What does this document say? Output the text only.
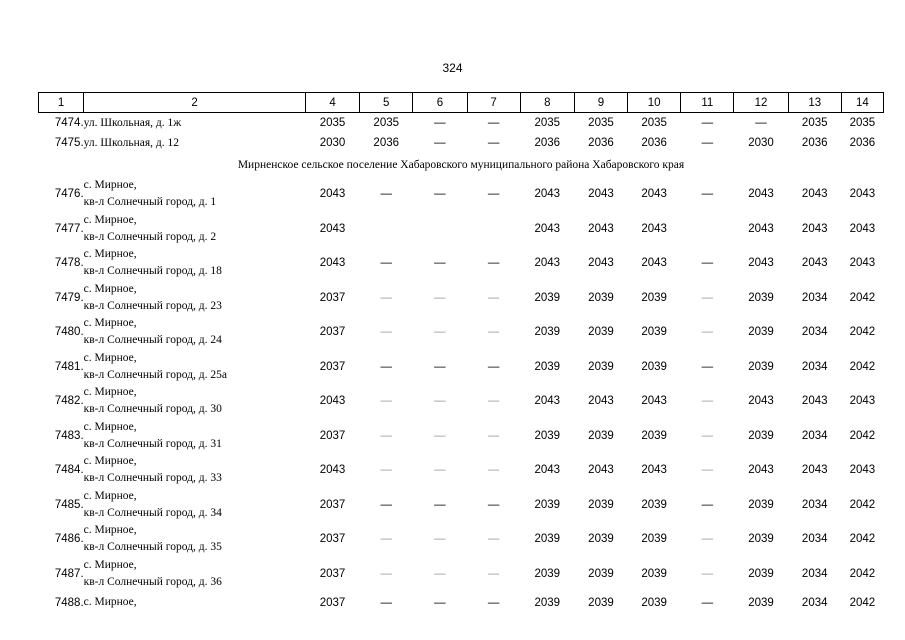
324
1	2	4	5	6	7	8	9	10	11	12	13	14
7474.	ул. Школьная, д. 1ж	2035	2035	—	—	2035	2035	2035	—	—	2035	2035
7475.	ул. Школьная, д. 12	2030	2036	—	—	2036	2036	2036	—	2030	2036	2036
Мирненское сельское поселение Хабаровского муниципального района Хабаровского края												
7476.	с. Мирное,
кв-л Солнечный город, д. 1	2043	—	—	—	2043	2043	2043	—	2043	2043	2043
7477.	с. Мирное,
кв-л Солнечный город, д. 2	2043				2043	2043	2043		2043	2043	2043
7478.	с. Мирное,
кв-л Солнечный город, д. 18	2043	—	—	—	2043	2043	2043	—	2043	2043	2043
7479.	с. Мирное,
кв-л Солнечный город, д. 23	2037	—	—	—	2039	2039	2039	—	2039	2034	2042
7480.	с. Мирное,
кв-л Солнечный город, д. 24	2037	—	—	—	2039	2039	2039	—	2039	2034	2042
7481.	с. Мирное,
кв-л Солнечный город, д. 25а	2037	—	—	—	2039	2039	2039	—	2039	2034	2042
7482.	с. Мирное,
кв-л Солнечный город, д. 30	2043	—	—	—	2043	2043	2043	—	2043	2043	2043
7483.	с. Мирное,
кв-л Солнечный город, д. 31	2037	—	—	—	2039	2039	2039	—	2039	2034	2042
7484.	с. Мирное,
кв-л Солнечный город, д. 33	2043	—	—	—	2043	2043	2043	—	2043	2043	2043
7485.	с. Мирное,
кв-л Солнечный город, д. 34	2037	—	—	—	2039	2039	2039	—	2039	2034	2042
7486.	с. Мирное,
кв-л Солнечный город, д. 35	2037	—	—	—	2039	2039	2039	—	2039	2034	2042
7487.	с. Мирное,
кв-л Солнечный город, д. 36	2037	—	—	—	2039	2039	2039	—	2039	2034	2042
7488.	с. Мирное,	2037	—	—	—	2039	2039	2039	—	2039	2034	2042
